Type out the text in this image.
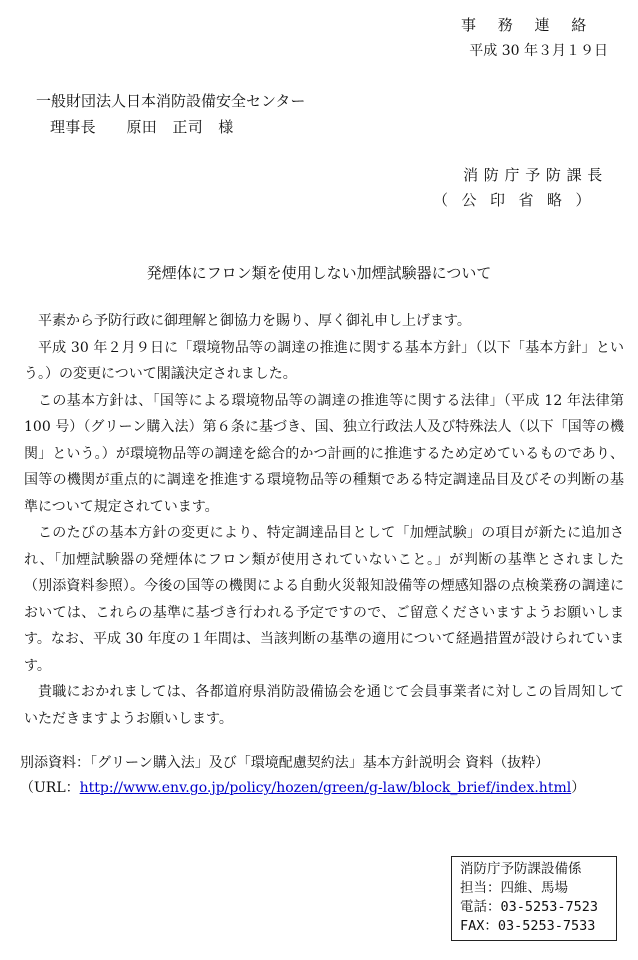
事務連絡
平成 30 年３月１９日
一般財団法人日本消防設備安全センター
理事長　　原田　正司　様
消防庁予防課長
（公印省略）
発煙体にフロン類を使用しない加煙試験器について

平素から予防行政に御理解と御協力を賜り、厚く御礼申し上げます。

平成 30 年２月９日に「環境物品等の調達の推進に関する基本方針」（以下「基本方針」という。）の変更について閣議決定されました。

この基本方針は、「国等による環境物品等の調達の推進等に関する法律」（平成 12 年法律第 100 号）（グリーン購入法）第６条に基づき、国、独立行政法人及び特殊法人（以下「国等の機関」という。）が環境物品等の調達を総合的かつ計画的に推進するため定めているものであり、国等の機関が重点的に調達を推進する環境物品等の種類である特定調達品目及びその判断の基準について規定されています。

このたびの基本方針の変更により、特定調達品目として「加煙試験」の項目が新たに追加され、「加煙試験器の発煙体にフロン類が使用されていないこと。」が判断の基準とされました（別添資料参照）。今後の国等の機関による自動火災報知設備等の煙感知器の点検業務の調達においては、これらの基準に基づき行われる予定ですので、ご留意くださいますようお願いします。なお、平成 30 年度の１年間は、当該判断の基準の適用について経過措置が設けられています。

貴職におかれましては、各都道府県消防設備協会を通じて会員事業者に対しこの旨周知していただきますようお願いします。

別添資料：「グリーン購入法」及び「環境配慮契約法」基本方針説明会 資料（抜粋）
（URL：http://www.env.go.jp/policy/hozen/green/g-law/block_brief/index.html）
消防庁予防課設備係
担当：四維、馬場
電話：03-5253-7523
FAX：03-5253-7533
